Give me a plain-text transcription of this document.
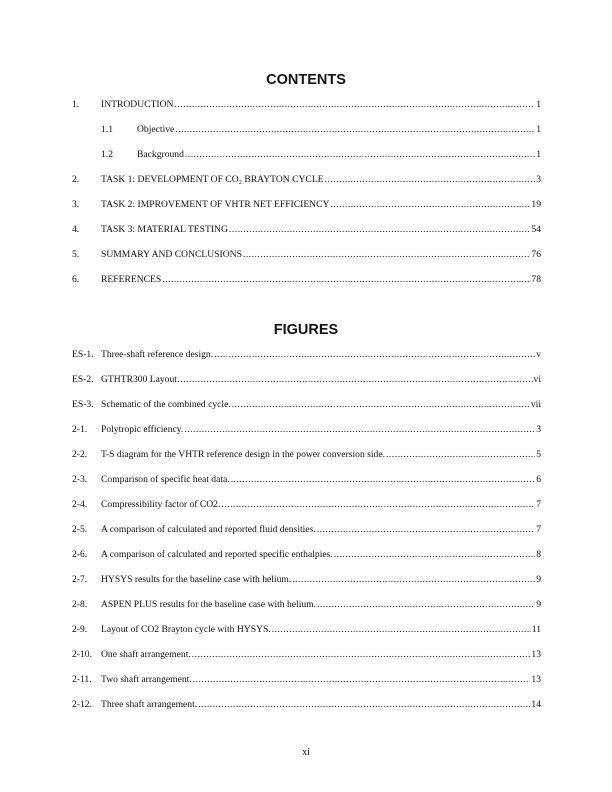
CONTENTS
1.	INTRODUCTION .....	1
1.1	Objective .....	1
1.2	Background .....	1
2.	TASK 1: DEVELOPMENT OF CO₂ BRAYTON CYCLE .....	3
3.	TASK 2: IMPROVEMENT OF VHTR NET EFFICIENCY .....	19
4.	TASK 3: MATERIAL TESTING .....	54
5.	SUMMARY AND CONCLUSIONS .....	76
6.	REFERENCES .....	78
FIGURES
ES-1. Three-shaft reference design. .....	v
ES-2. GTHTR300 Layout. .....	vi
ES-3. Schematic of the combined cycle. .....	vii
2-1.	Polytropic efficiency. .....	3
2-2.	T-S diagram for the VHTR reference design in the power conversion side. .....	5
2-3.	Comparison of specific heat data. .....	6
2-4.	Compressibility factor of CO2. .....	7
2-5.	A comparison of calculated and reported fluid densities. .....	7
2-6.	A comparison of calculated and reported specific enthalpies. .....	8
2-7.	HYSYS results for the baseline case with helium. .....	9
2-8.	ASPEN PLUS results for the baseline case with helium. .....	9
2-9.	Layout of CO2 Brayton cycle with HYSYS. .....	11
2-10. One shaft arrangement. .....	13
2-11. Two shaft arrangement. .....	13
2-12. Three shaft arrangement. .....	14
xi
